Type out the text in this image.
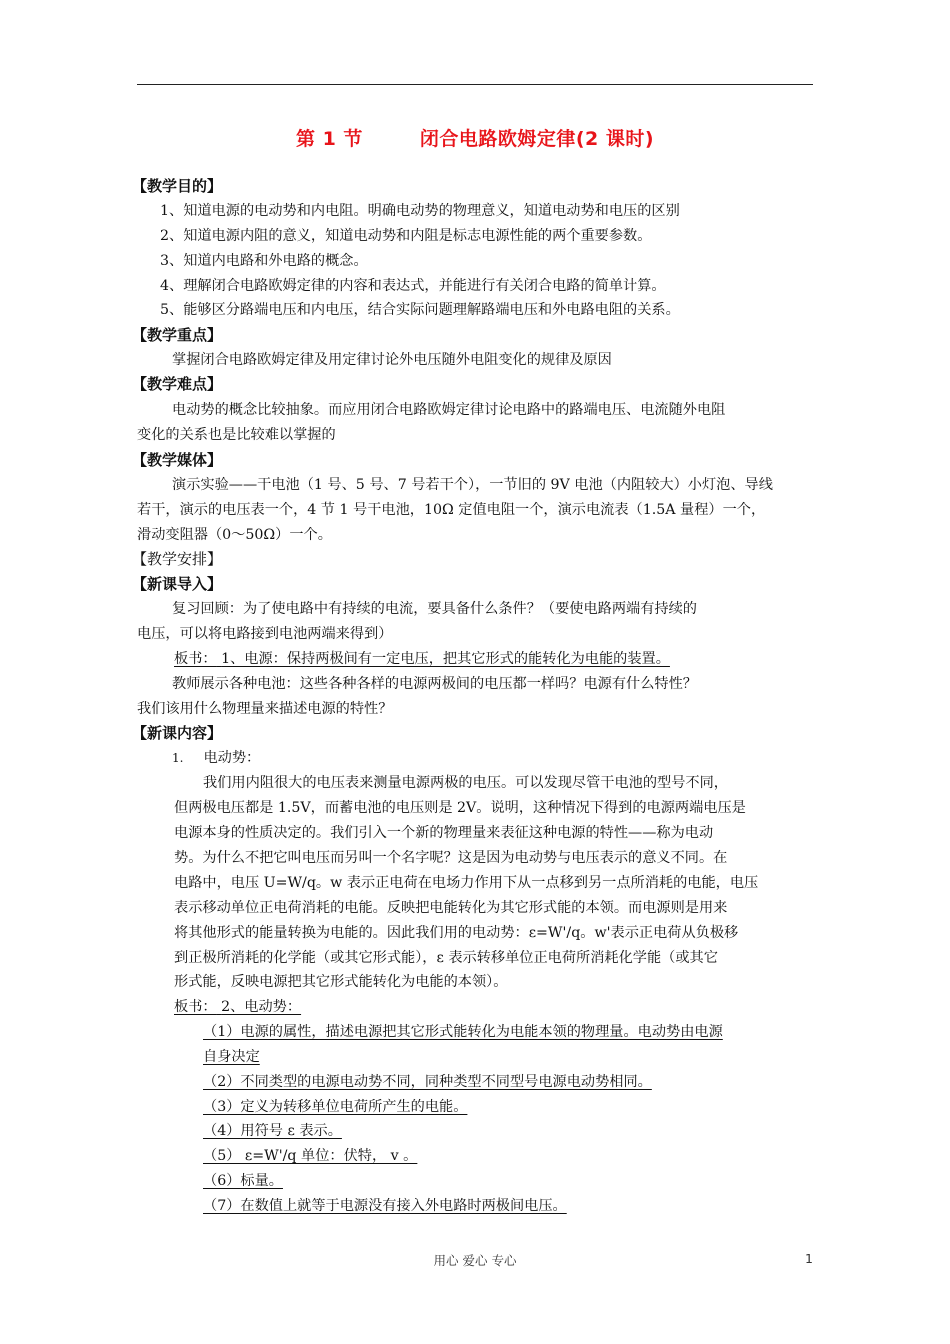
第 1 节        闭合电路欧姆定律(2 课时)
【教学目的】
1、知道电源的电动势和内电阻。明确电动势的物理意义，知道电动势和电压的区别
2、知道电源内阻的意义，知道电动势和内阻是标志电源性能的两个重要参数。
3、知道内电路和外电路的概念。
4、理解闭合电路欧姆定律的内容和表达式，并能进行有关闭合电路的简单计算。
5、能够区分路端电压和内电压，结合实际问题理解路端电压和外电路电阻的关系。
【教学重点】
掌握闭合电路欧姆定律及用定律讨论外电压随外电阻变化的规律及原因
【教学难点】
电动势的概念比较抽象。而应用闭合电路欧姆定律讨论电路中的路端电压、电流随外电阻
变化的关系也是比较难以掌握的
【教学媒体】
演示实验——干电池（1 号、5 号、7 号若干个），一节旧的 9V 电池（内阻较大）小灯泡、导线
若干，演示的电压表一个，4 节 1 号干电池，10Ω 定值电阻一个，演示电流表（1.5A 量程）一个，
滑动变阻器（0～50Ω）一个。
【教学安排】
【新课导入】
复习回顾：为了使电路中有持续的电流，要具备什么条件？（要使电路两端有持续的
电压，可以将电路接到电池两端来得到）
板书： 1、电源：保持两极间有一定电压，把其它形式的能转化为电能的装置。
教师展示各种电池：这些各种各样的电源两极间的电压都一样吗？电源有什么特性？
我们该用什么物理量来描述电源的特性？
【新课内容】
1. 电动势：
我们用内阻很大的电压表来测量电源两极的电压。可以发现尽管干电池的型号不同，
但两极电压都是 1.5V，而蓄电池的电压则是 2V。说明，这种情况下得到的电源两端电压是
电源本身的性质决定的。我们引入一个新的物理量来表征这种电源的特性——称为电动
势。为什么不把它叫电压而另叫一个名字呢？这是因为电动势与电压表示的意义不同。在
电路中，电压 U=W/q。w 表示正电荷在电场力作用下从一点移到另一点所消耗的电能，电压
表示移动单位正电荷消耗的电能。反映把电能转化为其它形式能的本领。而电源则是用来
将其他形式的能量转换为电能的。因此我们用的电动势：ε=W'/q。w'表示正电荷从负极移
到正极所消耗的化学能（或其它形式能），ε 表示转移单位正电荷所消耗化学能（或其它
形式能，反映电源把其它形式能转化为电能的本领）。
板书： 2、电动势：
（1）电源的属性，描述电源把其它形式能转化为电能本领的物理量。电动势由电源
自身决定
（2）不同类型的电源电动势不同，同种类型不同型号电源电动势相同。
（3）定义为转移单位电荷所产生的电能。
（4）用符号 ε 表示。
（5） ε=W'/q 单位：伏特， v 。
（6）标量。
（7）在数值上就等于电源没有接入外电路时两极间电压。
用心 爱心 专心	1
